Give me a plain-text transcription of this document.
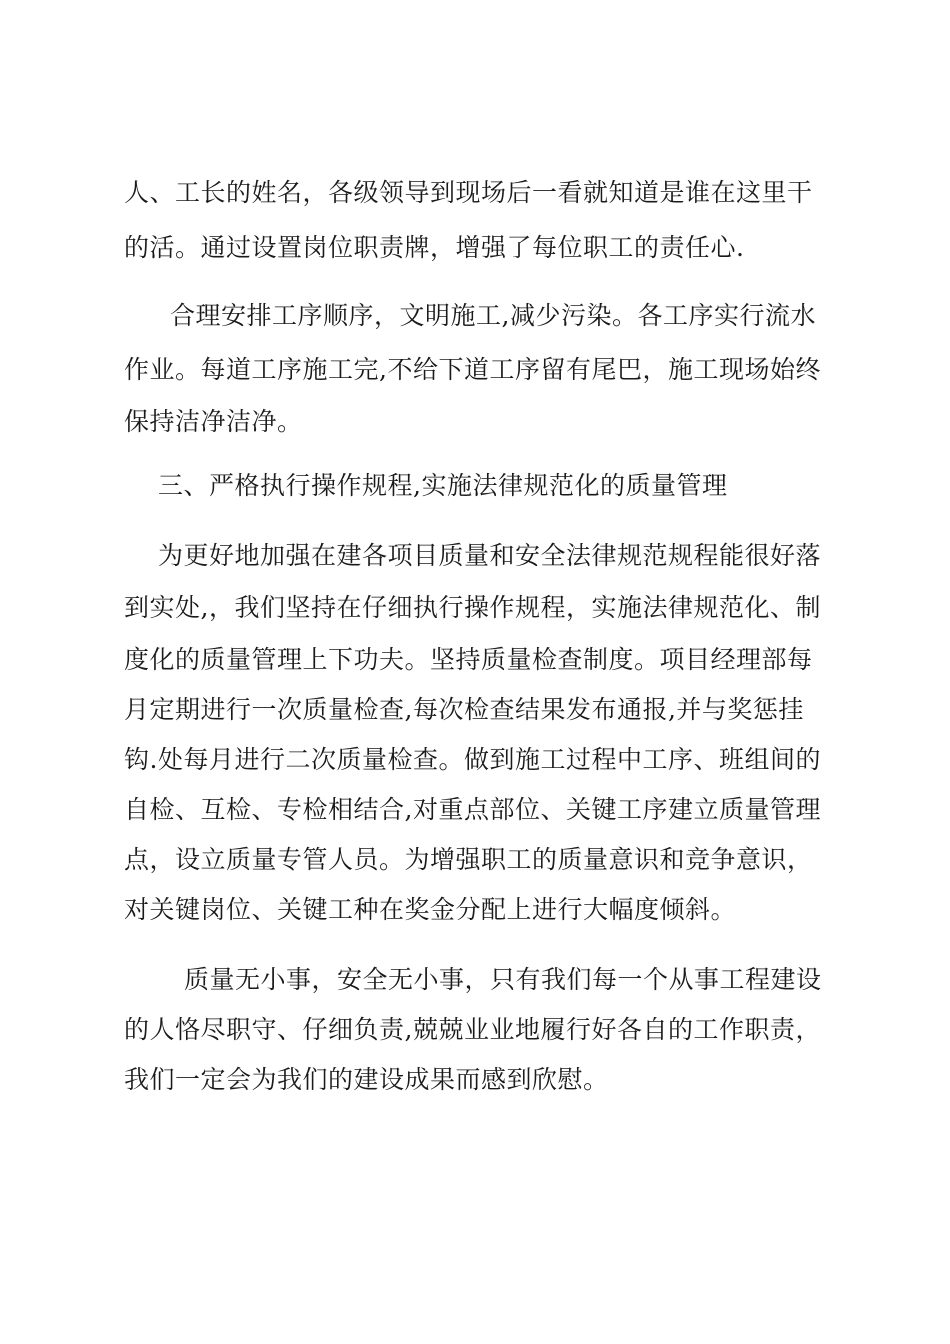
人、工长的姓名，各级领导到现场后一看就知道是谁在这里干
的活。通过设置岗位职责牌，增强了每位职工的责任心.
合理安排工序顺序，文明施工,减少污染。各工序实行流水
作业。每道工序施工完,不给下道工序留有尾巴，施工现场始终
保持洁净洁净。
三、严格执行操作规程,实施法律规范化的质量管理
为更好地加强在建各项目质量和安全法律规范规程能很好落
到实处,，我们坚持在仔细执行操作规程，实施法律规范化、制
度化的质量管理上下功夫。坚持质量检查制度。项目经理部每
月定期进行一次质量检查,每次检查结果发布通报,并与奖惩挂
钩.处每月进行二次质量检查。做到施工过程中工序、班组间的
自检、互检、专检相结合,对重点部位、关键工序建立质量管理
点，设立质量专管人员。为增强职工的质量意识和竞争意识，
对关键岗位、关键工种在奖金分配上进行大幅度倾斜。
质量无小事，安全无小事，只有我们每一个从事工程建设
的人恪尽职守、仔细负责,兢兢业业地履行好各自的工作职责，
我们一定会为我们的建设成果而感到欣慰。
